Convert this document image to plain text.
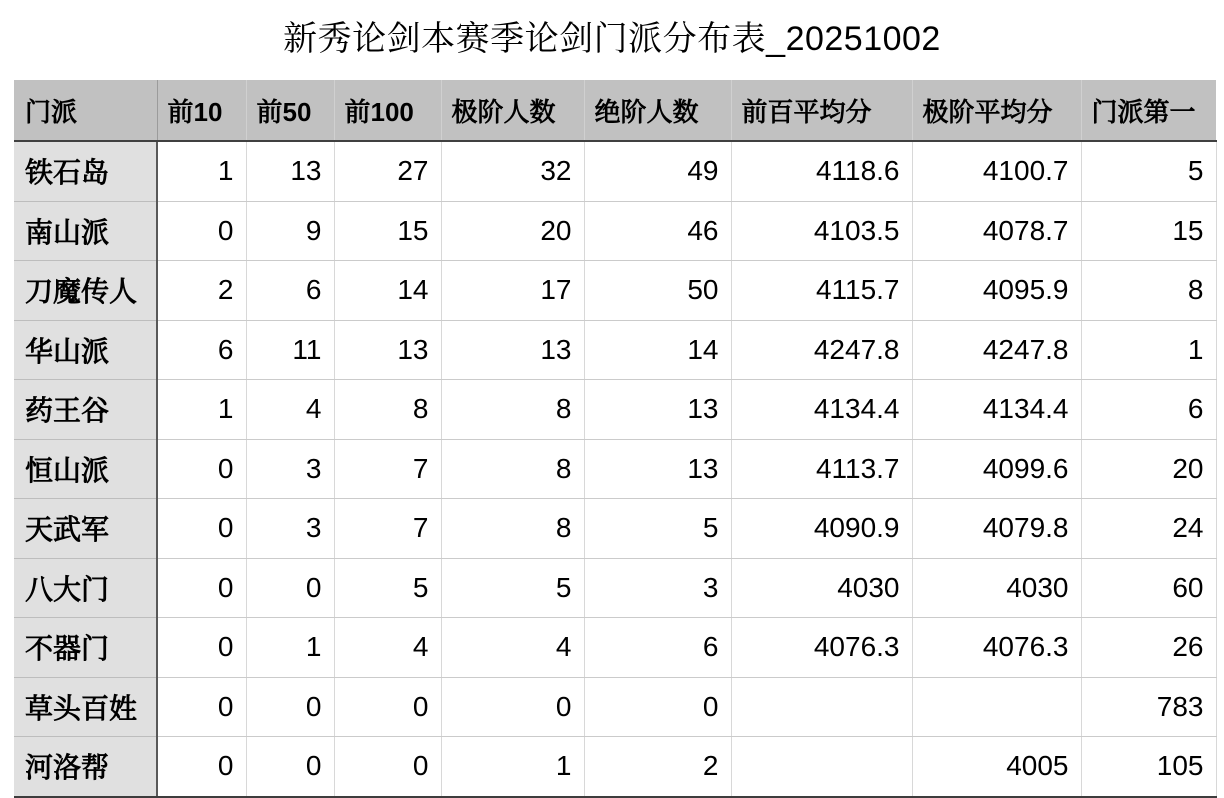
新秀论剑本赛季论剑门派分布表_20251002
门派	前10	前50	前100	极阶人数	绝阶人数	前百平均分	极阶平均分	门派第一
铁石岛	1	13	27	32	49	4118.6	4100.7	5
南山派	0	9	15	20	46	4103.5	4078.7	15
刀魔传人	2	6	14	17	50	4115.7	4095.9	8
华山派	6	11	13	13	14	4247.8	4247.8	1
药王谷	1	4	8	8	13	4134.4	4134.4	6
恒山派	0	3	7	8	13	4113.7	4099.6	20
天武军	0	3	7	8	5	4090.9	4079.8	24
八大门	0	0	5	5	3	4030	4030	60
不器门	0	1	4	4	6	4076.3	4076.3	26
草头百姓	0	0	0	0	0			783
河洛帮	0	0	0	1	2		4005	105
